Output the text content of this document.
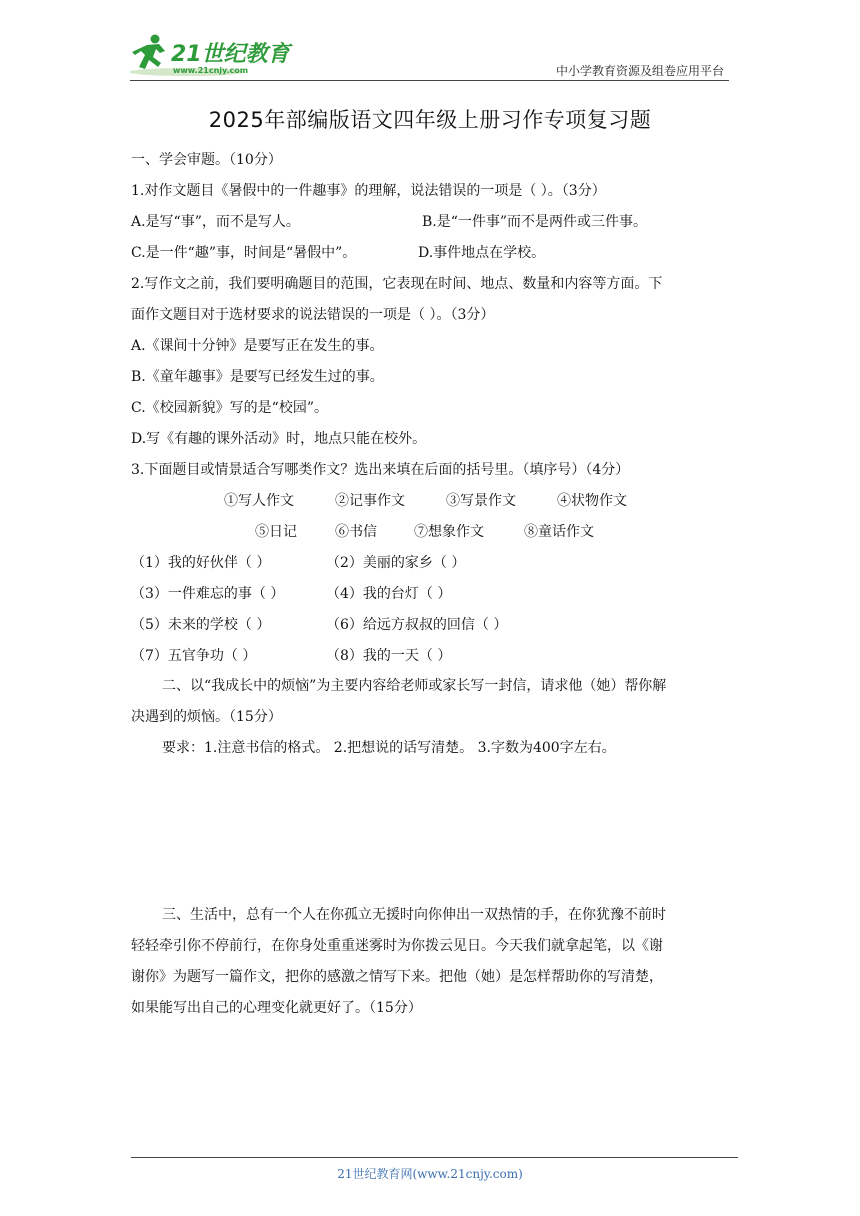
21世纪教育
www.21cnjy.com	中小学教育资源及组卷应用平台
2025年部编版语文四年级上册习作专项复习题
一、学会审题。（10分）
1.对作文题目《暑假中的一件趣事》的理解，说法错误的一项是（ ）。（3分）
A.是写“事”，而不是写人。	B.是“一件事”而不是两件或三件事。
C.是一件“趣”事，时间是“暑假中”。	D.事件地点在学校。
2.写作文之前，我们要明确题目的范围，它表现在时间、地点、数量和内容等方面。下
面作文题目对于选材要求的说法错误的一项是（ ）。（3分）
A.《课间十分钟》是要写正在发生的事。
B.《童年趣事》是要写已经发生过的事。
C.《校园新貌》写的是“校园”。
D.写《有趣的课外活动》时，地点只能在校外。
3.下面题目或情景适合写哪类作文？选出来填在后面的括号里。（填序号）（4分）
①写人作文	②记事作文	③写景作文	④状物作文
⑤日记	⑥书信	⑦想象作文	⑧童话作文
（1）我的好伙伴（ ）	（2）美丽的家乡（ ）
（3）一件难忘的事（ ）	（4）我的台灯（ ）
（5）未来的学校（ ）	（6）给远方叔叔的回信（ ）
（7）五官争功（ ）	（8）我的一天（ ）
二、以“我成长中的烦恼”为主要内容给老师或家长写一封信，请求他（她）帮你解
决遇到的烦恼。（15分）
要求：1.注意书信的格式。 2.把想说的话写清楚。 3.字数为400字左右。
三、生活中，总有一个人在你孤立无援时向你伸出一双热情的手，在你犹豫不前时
轻轻牵引你不停前行，在你身处重重迷雾时为你拨云见日。今天我们就拿起笔，以《谢
谢你》为题写一篇作文，把你的感激之情写下来。把他（她）是怎样帮助你的写清楚，
如果能写出自己的心理变化就更好了。（15分）
21世纪教育网(www.21cnjy.com)
